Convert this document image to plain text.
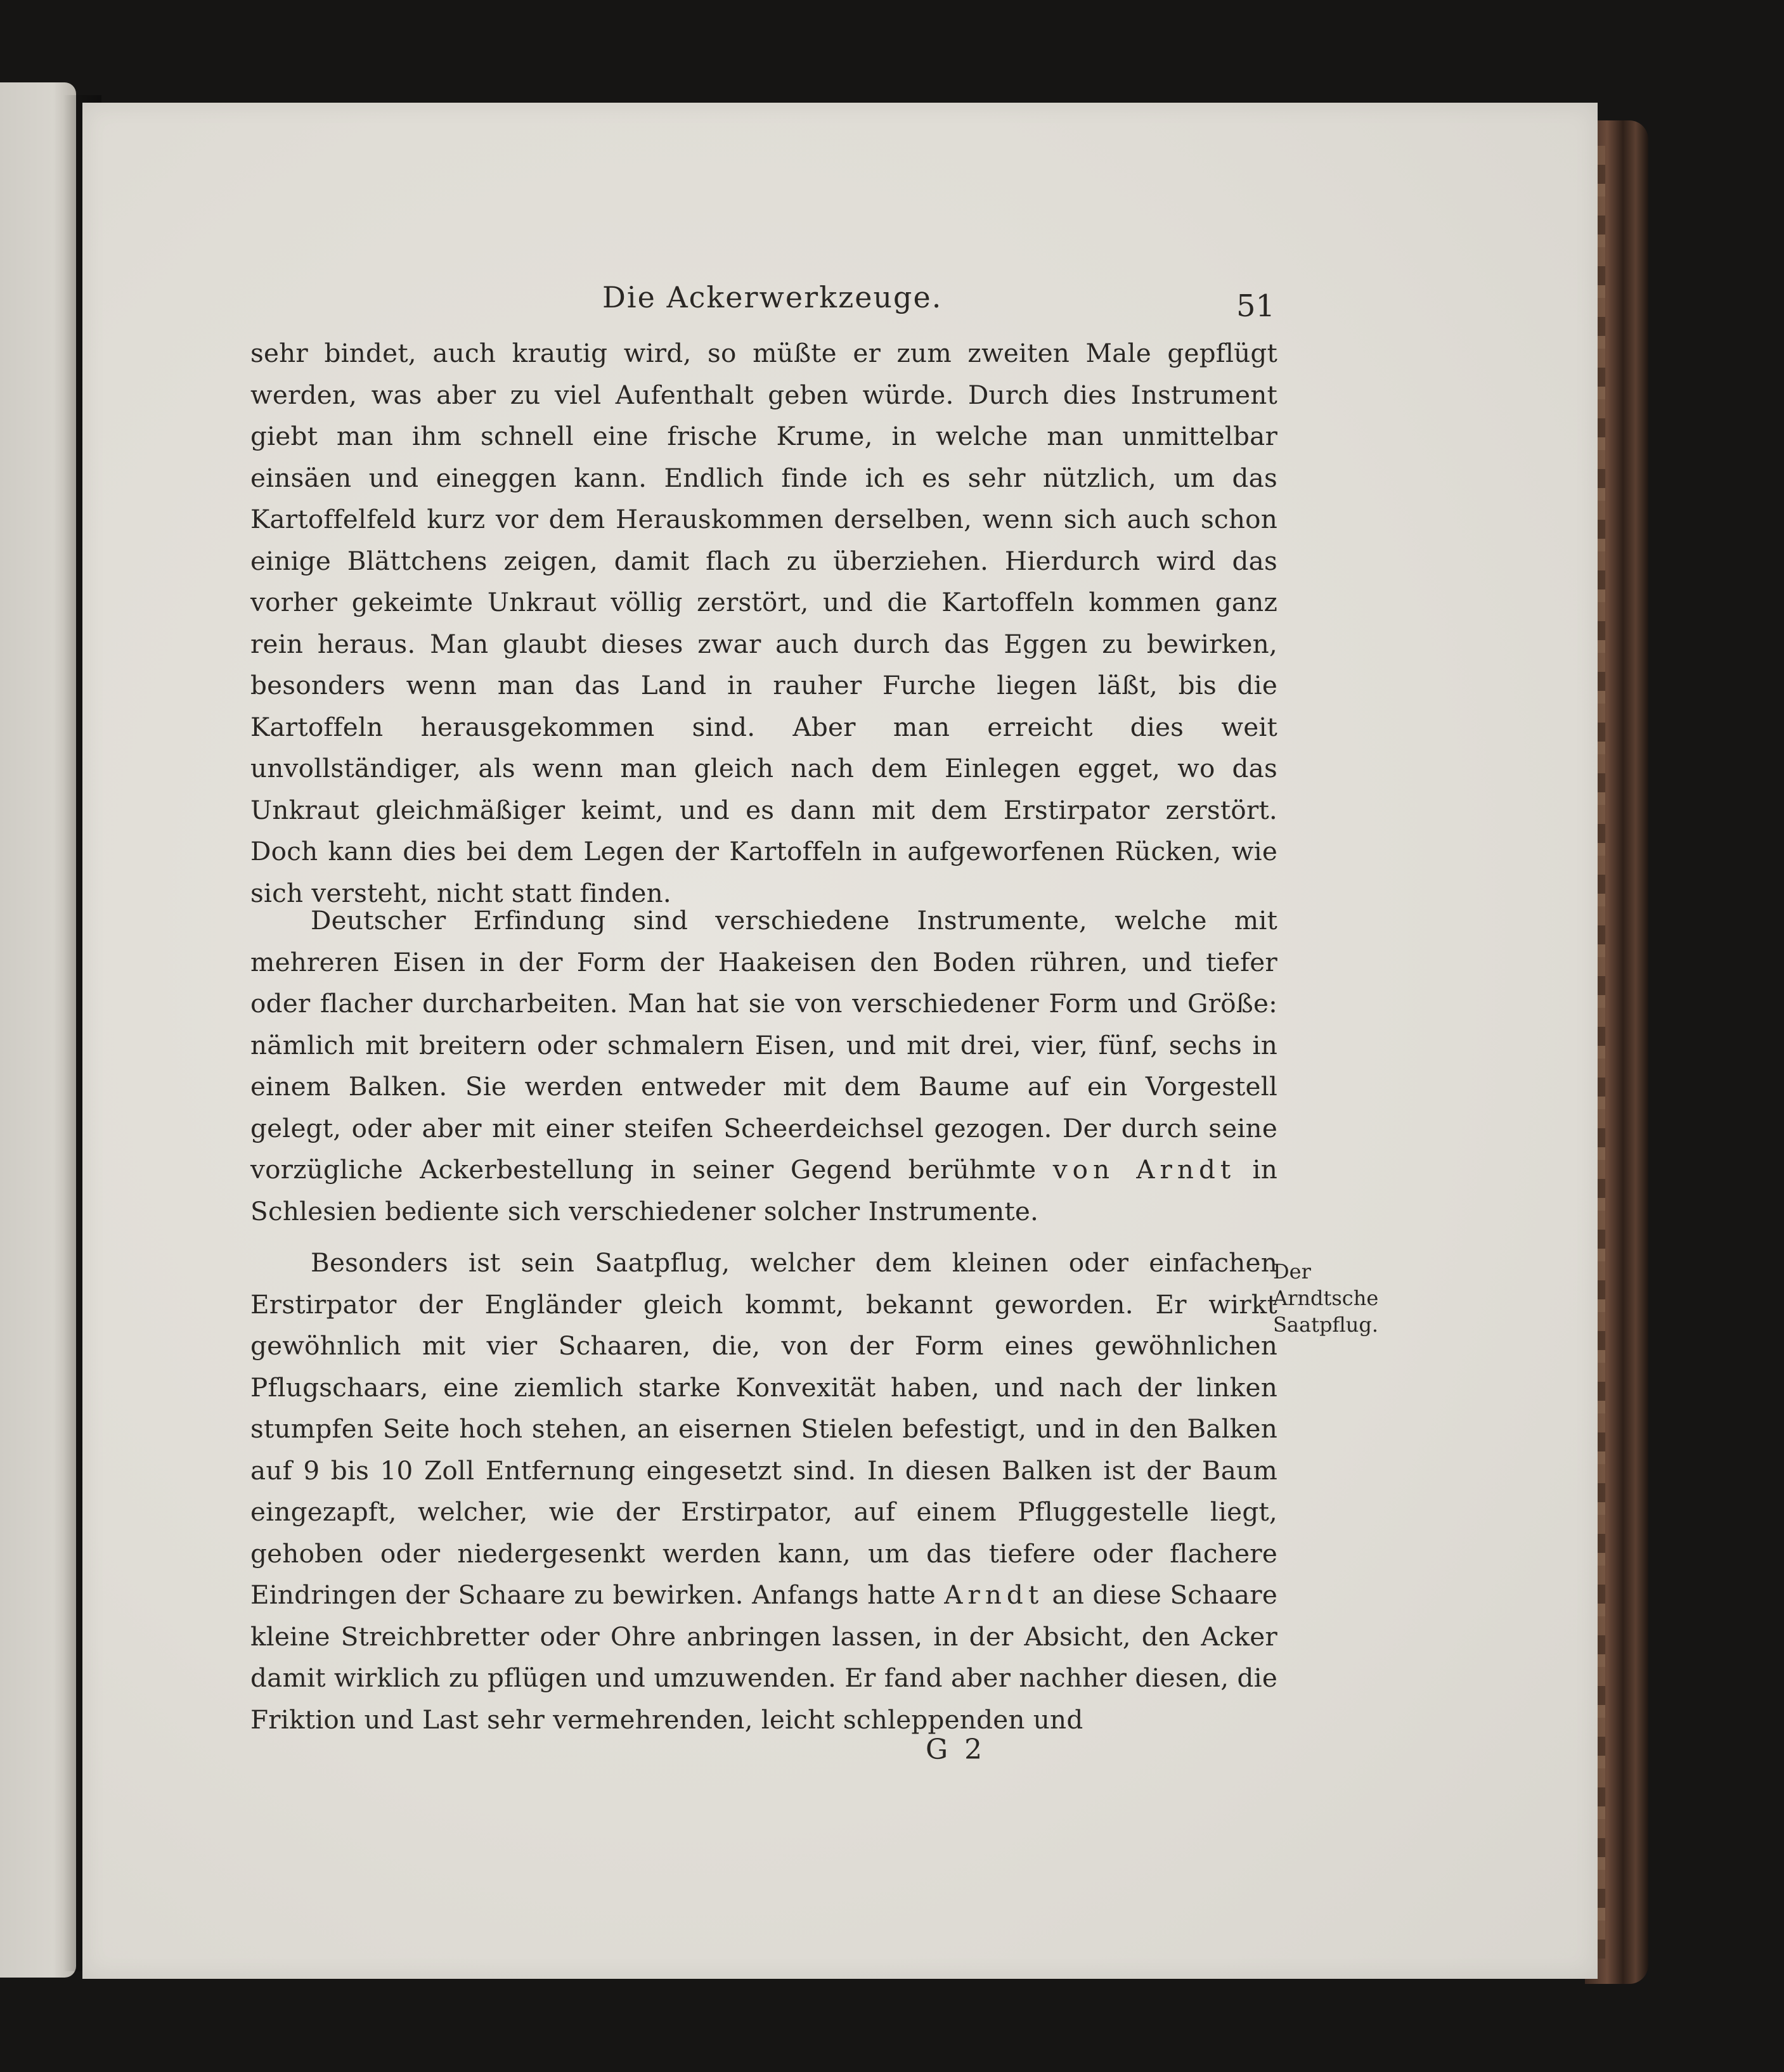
Die Ackerwerkzeuge.	51
sehr bindet, auch krautig wird, so müßte er zum zweiten Male gepflügt werden, was aber zu viel Aufenthalt geben würde. Durch dies Instrument giebt man ihm schnell eine frische Krume, in welche man unmittelbar einsäen und eineggen kann. Endlich finde ich es sehr nützlich, um das Kartoffelfeld kurz vor dem Herauskommen derselben, wenn sich auch schon einige Blättchens zeigen, damit flach zu überziehen. Hierdurch wird das vorher gekeimte Unkraut völlig zerstört, und die Kartoffeln kommen ganz rein heraus. Man glaubt dieses zwar auch durch das Eggen zu bewirken, besonders wenn man das Land in rauher Furche liegen läßt, bis die Kartoffeln herausgekommen sind. Aber man erreicht dies weit unvollständiger, als wenn man gleich nach dem Einlegen egget, wo das Unkraut gleichmäßiger keimt, und es dann mit dem Erstirpator zerstört. Doch kann dies bei dem Legen der Kartoffeln in aufgeworfenen Rücken, wie sich versteht, nicht statt finden.
Deutscher Erfindung sind verschiedene Instrumente, welche mit mehreren Eisen in der Form der Haakeisen den Boden rühren, und tiefer oder flacher durcharbeiten. Man hat sie von verschiedener Form und Größe: nämlich mit breitern oder schmalern Eisen, und mit drei, vier, fünf, sechs in einem Balken. Sie werden entweder mit dem Baume auf ein Vorgestell gelegt, oder aber mit einer steifen Scheerdeichsel gezogen. Der durch seine vorzügliche Ackerbestellung in seiner Gegend berühmte von Arndt in Schlesien bediente sich verschiedener solcher Instrumente.
Besonders ist sein Saatpflug, welcher dem kleinen oder einfachen Erstirpator der Engländer gleich kommt, bekannt geworden. Er wirkt gewöhnlich mit vier Schaaren, die, von der Form eines gewöhnlichen Pflugschaars, eine ziemlich starke Konvexität haben, und nach der linken stumpfen Seite hoch stehen, an eisernen Stielen befestigt, und in den Balken auf 9 bis 10 Zoll Entfernung eingesetzt sind. In diesen Balken ist der Baum eingezapft, welcher, wie der Erstirpator, auf einem Pfluggestelle liegt, gehoben oder niedergesenkt werden kann, um das tiefere oder flachere Eindringen der Schaare zu bewirken. Anfangs hatte Arndt an diese Schaare kleine Streichbretter oder Ohre anbringen lassen, in der Absicht, den Acker damit wirklich zu pflügen und umzuwenden. Er fand aber nachher diesen, die Friktion und Last sehr vermehrenden, leicht schleppenden und
Der Arndtsche Saatpflug.
G 2
